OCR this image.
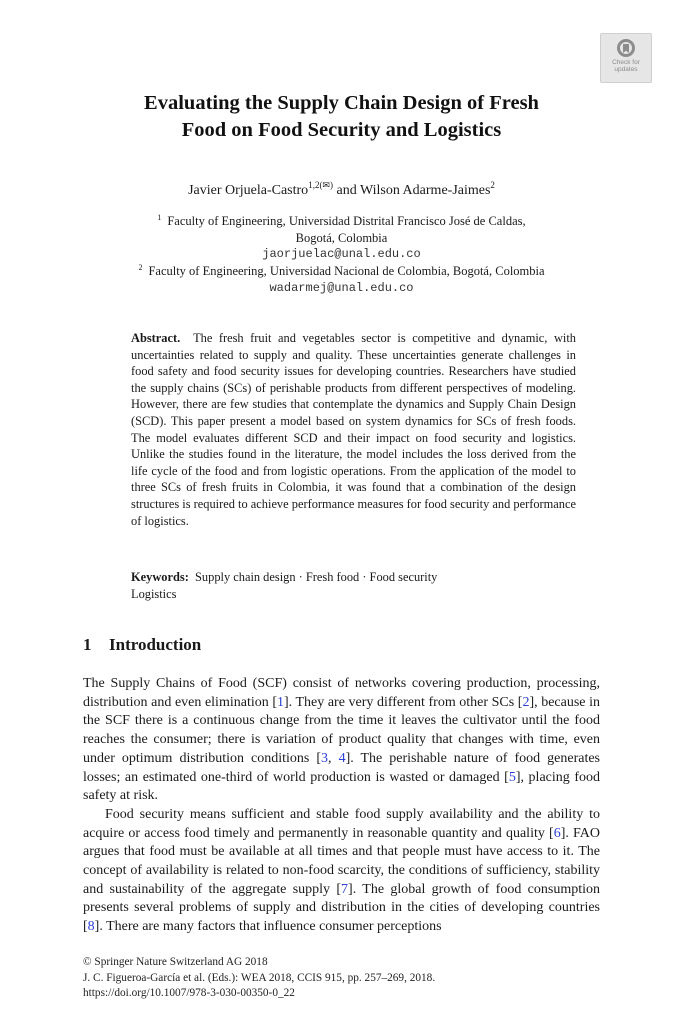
Check for
updates
Evaluating the Supply Chain Design of Fresh
Food on Food Security and Logistics
Javier Orjuela-Castro$^{1,2(✉)}$ and Wilson Adarme-Jaimes$^2$
$^1$ Faculty of Engineering, Universidad Distrital Francisco José de Caldas,
Bogotá, Colombia
jaorjuelac@unal.edu.co
$^2$ Faculty of Engineering, Universidad Nacional de Colombia, Bogotá, Colombia
wadarmej@unal.edu.co
Abstract. The fresh fruit and vegetables sector is competitive and dynamic, with uncertainties related to supply and quality. These uncertainties generate challenges in food safety and food security issues for developing countries. Researchers have studied the supply chains (SCs) of perishable products from different perspectives of modeling. However, there are few studies that contemplate the dynamics and Supply Chain Design (SCD). This paper present a model based on system dynamics for SCs of fresh foods. The model evaluates different SCD and their impact on food security and logistics. Unlike the studies found in the literature, the model includes the loss derived from the life cycle of the food and from logistic operations. From the application of the model to three SCs of fresh fruits in Colombia, it was found that a combination of the design structures is required to achieve performance measures for food security and performance of logistics.
Keywords: Supply chain design · Fresh food · Food security
Logistics
1 Introduction

The Supply Chains of Food (SCF) consist of networks covering production, processing, distribution and even elimination [1]. They are very different from other SCs [2], because in the SCF there is a continuous change from the time it leaves the cultivator until the food reaches the consumer; there is variation of product quality that changes with time, even under optimum distribution conditions [3, 4]. The perishable nature of food generates losses; an estimated one-third of world production is wasted or damaged [5], placing food safety at risk.

Food security means sufficient and stable food supply availability and the ability to acquire or access food timely and permanently in reasonable quantity and quality [6]. FAO argues that food must be available at all times and that people must have access to it. The concept of availability is related to non-food scarcity, the conditions of sufficiency, stability and sustainability of the aggregate supply [7]. The global growth of food consumption presents several problems of supply and distribution in the cities of developing countries [8]. There are many factors that influence consumer perceptions

© Springer Nature Switzerland AG 2018
J. C. Figueroa-García et al. (Eds.): WEA 2018, CCIS 915, pp. 257–269, 2018.
https://doi.org/10.1007/978-3-030-00350-0_22
